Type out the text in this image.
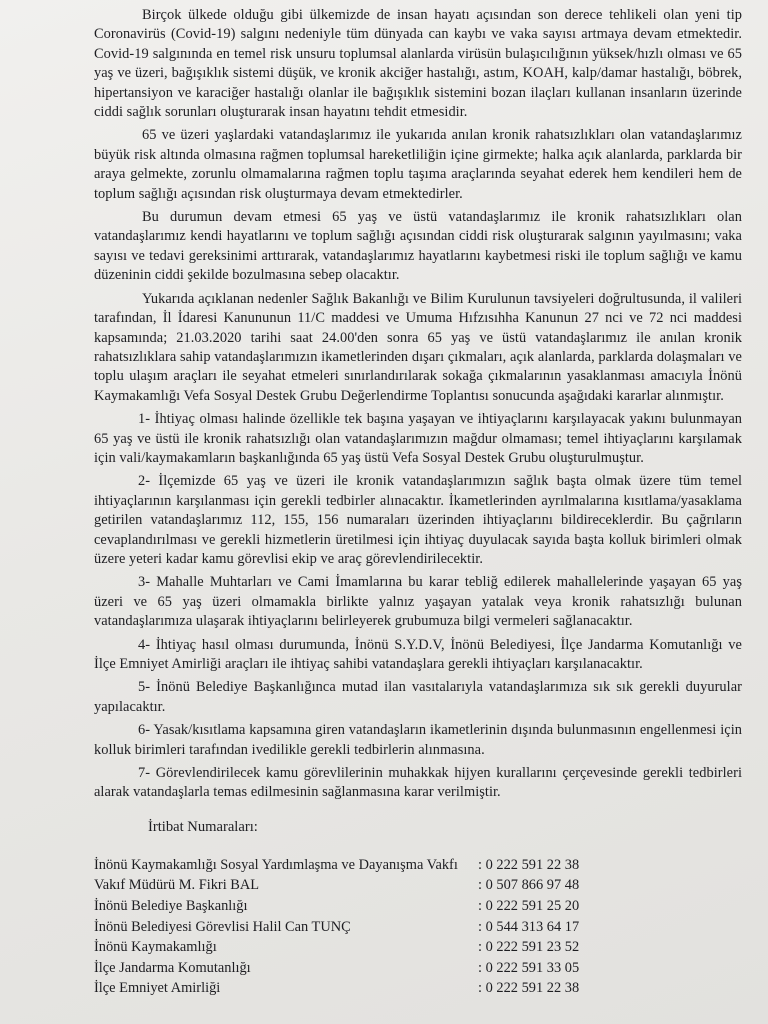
Birçok ülkede olduğu gibi ülkemizde de insan hayatı açısından son derece tehlikeli olan yeni tip Coronavirüs (Covid-19) salgını nedeniyle tüm dünyada can kaybı ve vaka sayısı artmaya devam etmektedir. Covid-19 salgınında en temel risk unsuru toplumsal alanlarda virüsün bulaşıcılığının yüksek/hızlı olması ve 65 yaş ve üzeri, bağışıklık sistemi düşük, ve kronik akciğer hastalığı, astım, KOAH, kalp/damar hastalığı, böbrek, hipertansiyon ve karaciğer hastalığı olanlar ile bağışıklık sistemini bozan ilaçları kullanan insanların üzerinde ciddi sağlık sorunları oluşturarak insan hayatını tehdit etmesidir.

65 ve üzeri yaşlardaki vatandaşlarımız ile yukarıda anılan kronik rahatsızlıkları olan vatandaşlarımız büyük risk altında olmasına rağmen toplumsal hareketliliğin içine girmekte; halka açık alanlarda, parklarda bir araya gelmekte, zorunlu olmamalarına rağmen toplu taşıma araçlarında seyahat ederek hem kendileri hem de toplum sağlığı açısından risk oluşturmaya devam etmektedirler.

Bu durumun devam etmesi 65 yaş ve üstü vatandaşlarımız ile kronik rahatsızlıkları olan vatandaşlarımız kendi hayatlarını ve toplum sağlığı açısından ciddi risk oluşturarak salgının yayılmasını; vaka sayısı ve tedavi gereksinimi arttırarak, vatandaşlarımız hayatlarını kaybetmesi riski ile toplum sağlığı ve kamu düzeninin ciddi şekilde bozulmasına sebep olacaktır.

Yukarıda açıklanan nedenler Sağlık Bakanlığı ve Bilim Kurulunun tavsiyeleri doğrultusunda, il valileri tarafından, İl İdaresi Kanununun 11/C maddesi ve Umuma Hıfzısıhha Kanunun 27 nci ve 72 nci maddesi kapsamında; 21.03.2020 tarihi saat 24.00'den sonra 65 yaş ve üstü vatandaşlarımız ile anılan kronik rahatsızlıklara sahip vatandaşlarımızın ikametlerinden dışarı çıkmaları, açık alanlarda, parklarda dolaşmaları ve toplu ulaşım araçları ile seyahat etmeleri sınırlandırılarak sokağa çıkmalarının yasaklanması amacıyla İnönü Kaymakamlığı Vefa Sosyal Destek Grubu Değerlendirme Toplantısı sonucunda aşağıdaki kararlar alınmıştır.

1- İhtiyaç olması halinde özellikle tek başına yaşayan ve ihtiyaçlarını karşılayacak yakını bulunmayan 65 yaş ve üstü ile kronik rahatsızlığı olan vatandaşlarımızın mağdur olmaması; temel ihtiyaçlarını karşılamak için vali/kaymakamların başkanlığında 65 yaş üstü Vefa Sosyal Destek Grubu oluşturulmuştur.

2- İlçemizde 65 yaş ve üzeri ile kronik vatandaşlarımızın sağlık başta olmak üzere tüm temel ihtiyaçlarının karşılanması için gerekli tedbirler alınacaktır. İkametlerinden ayrılmalarına kısıtlama/yasaklama getirilen vatandaşlarımız 112, 155, 156 numaraları üzerinden ihtiyaçlarını bildireceklerdir. Bu çağrıların cevaplandırılması ve gerekli hizmetlerin üretilmesi için ihtiyaç duyulacak sayıda başta kolluk birimleri olmak üzere yeteri kadar kamu görevlisi ekip ve araç görevlendirilecektir.

3- Mahalle Muhtarları ve Cami İmamlarına bu karar tebliğ edilerek mahallelerinde yaşayan 65 yaş üzeri ve 65 yaş üzeri olmamakla birlikte yalnız yaşayan yatalak veya kronik rahatsızlığı bulunan vatandaşlarımıza ulaşarak ihtiyaçlarını belirleyerek grubumuza bilgi vermeleri sağlanacaktır.

4- İhtiyaç hasıl olması durumunda, İnönü S.Y.D.V, İnönü Belediyesi, İlçe Jandarma Komutanlığı ve İlçe Emniyet Amirliği araçları ile ihtiyaç sahibi vatandaşlara gerekli ihtiyaçları karşılanacaktır.

5- İnönü Belediye Başkanlığınca mutad ilan vasıtalarıyla vatandaşlarımıza sık sık gerekli duyurular yapılacaktır.

6- Yasak/kısıtlama kapsamına giren vatandaşların ikametlerinin dışında bulunmasının engellenmesi için kolluk birimleri tarafından ivedilikle gerekli tedbirlerin alınmasına.

7- Görevlendirilecek kamu görevlilerinin muhakkak hijyen kurallarını çerçevesinde gerekli tedbirleri alarak vatandaşlarla temas edilmesinin sağlanmasına karar verilmiştir.

İrtibat Numaraları:
İnönü Kaymakamlığı Sosyal Yardımlaşma ve Dayanışma Vakfı : 0 222 591 22 38
Vakıf Müdürü M. Fikri BAL	: 0 507 866 97 48
İnönü Belediye Başkanlığı	: 0 222 591 25 20
İnönü Belediyesi Görevlisi Halil Can TUNÇ	: 0 544 313 64 17
İnönü Kaymakamlığı	: 0 222 591 23 52
İlçe Jandarma Komutanlığı	: 0 222 591 33 05
İlçe Emniyet Amirliği	: 0 222 591 22 38
